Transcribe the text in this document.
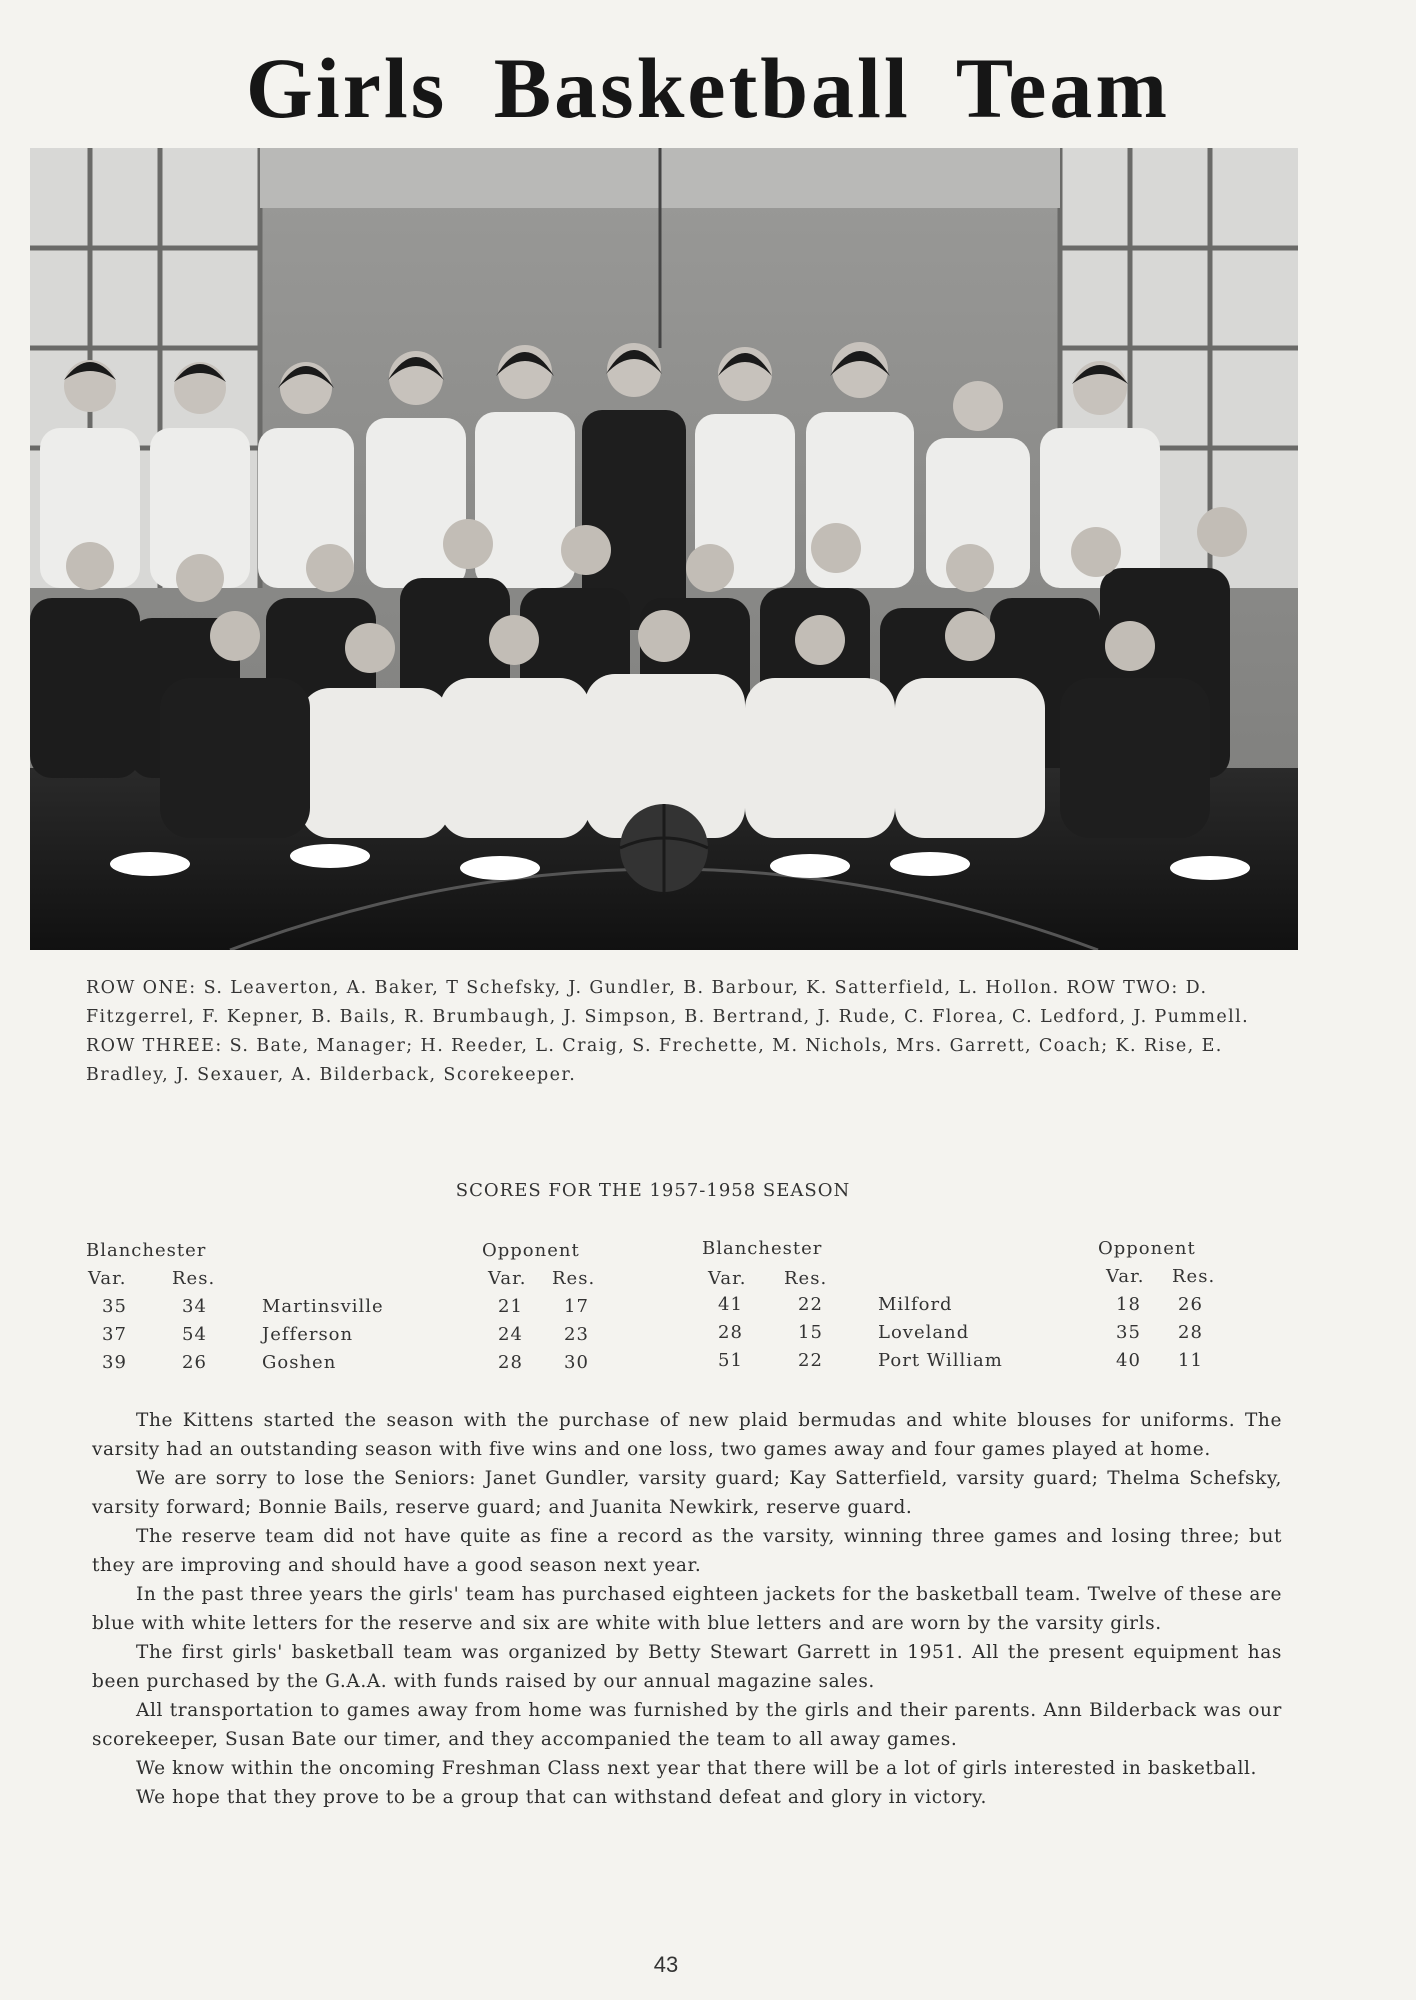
Girls Basketball Team
ROW ONE: S. Leaverton, A. Baker, T Schefsky, J. Gundler, B. Barbour, K. Satterfield, L. Hollon. ROW TWO: D. Fitzgerrel, F. Kepner, B. Bails, R. Brumbaugh, J. Simpson, B. Bertrand, J. Rude, C. Florea, C. Ledford, J. Pummell. ROW THREE: S. Bate, Manager; H. Reeder, L. Craig, S. Frechette, M. Nichols, Mrs. Garrett, Coach; K. Rise, E. Bradley, J. Sexauer, A. Bilderback, Scorekeeper.
SCORES FOR THE 1957-1958 SEASON
Blanchester	Opponent
Var.	Res.	Var. Res.
35	34	Martinsville	21 17
37	54	Jefferson	24 23
39	26	Goshen	28 30
Blanchester	Opponent
Var. Res.	Var. Res.
41	22	Milford	18 26
28	15	Loveland	35 28
51	22	Port William	40 11

The Kittens started the season with the purchase of new plaid bermudas and white blouses for uniforms. The varsity had an outstanding season with five wins and one loss, two games away and four games played at home.

We are sorry to lose the Seniors: Janet Gundler, varsity guard; Kay Satterfield, varsity guard; Thelma Schefsky, varsity forward; Bonnie Bails, reserve guard; and Juanita Newkirk, reserve guard.

The reserve team did not have quite as fine a record as the varsity, winning three games and losing three; but they are improving and should have a good season next year.

In the past three years the girls' team has purchased eighteen jackets for the basketball team. Twelve of these are blue with white letters for the reserve and six are white with blue letters and are worn by the varsity girls.

The first girls' basketball team was organized by Betty Stewart Garrett in 1951. All the present equipment has been purchased by the G.A.A. with funds raised by our annual magazine sales.

All transportation to games away from home was furnished by the girls and their parents. Ann Bilderback was our scorekeeper, Susan Bate our timer, and they accompanied the team to all away games.

We know within the oncoming Freshman Class next year that there will be a lot of girls interested in basketball.

We hope that they prove to be a group that can withstand defeat and glory in victory.

43
